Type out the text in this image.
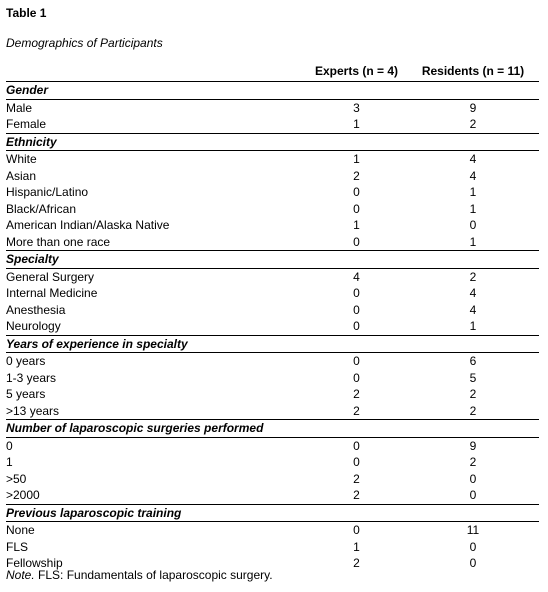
Table 1
Demographics of Participants
	Experts (n = 4)	Residents (n = 11)
Gender		
Male	3	9
Female	1	2
Ethnicity		
White	1	4
Asian	2	4
Hispanic/Latino	0	1
Black/African	0	1
American Indian/Alaska Native	1	0
More than one race	0	1
Specialty		
General Surgery	4	2
Internal Medicine	0	4
Anesthesia	0	4
Neurology	0	1
Years of experience in specialty		
0 years	0	6
1-3 years	0	5
5 years	2	2
>13 years	2	2
Number of laparoscopic surgeries performed		
0	0	9
1	0	2
>50	2	0
>2000	2	0
Previous laparoscopic training		
None	0	11
FLS	1	0
Fellowship	2	0
Note. FLS: Fundamentals of laparoscopic surgery.
